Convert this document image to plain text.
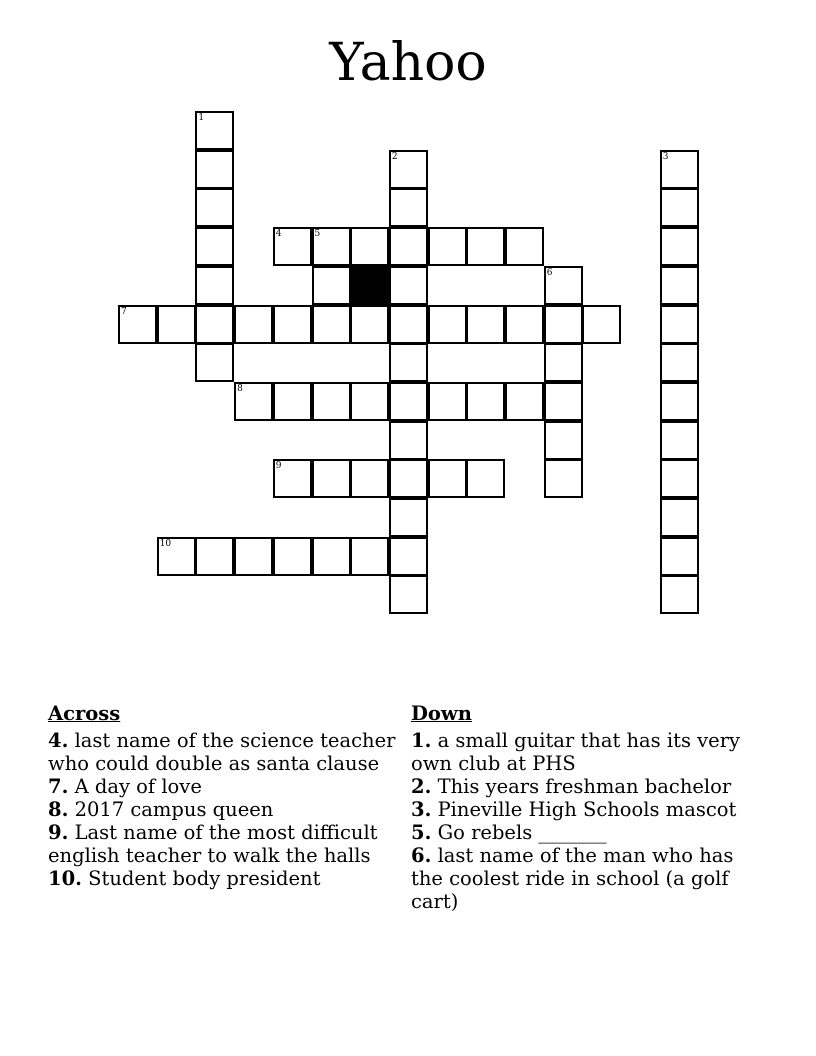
Yahoo
1
2	3
4	5
6
7
8
9
10
Across
4. last name of the science teacher who could double as santa clause
7. A day of love
8. 2017 campus queen
9. Last name of the most difficult english teacher to walk the halls
10. Student body president
Down
1. a small guitar that has its very own club at PHS
2. This years freshman bachelor
3. Pineville High Schools mascot
5. Go rebels _______
6. last name of the man who has the coolest ride in school (a golf cart)
